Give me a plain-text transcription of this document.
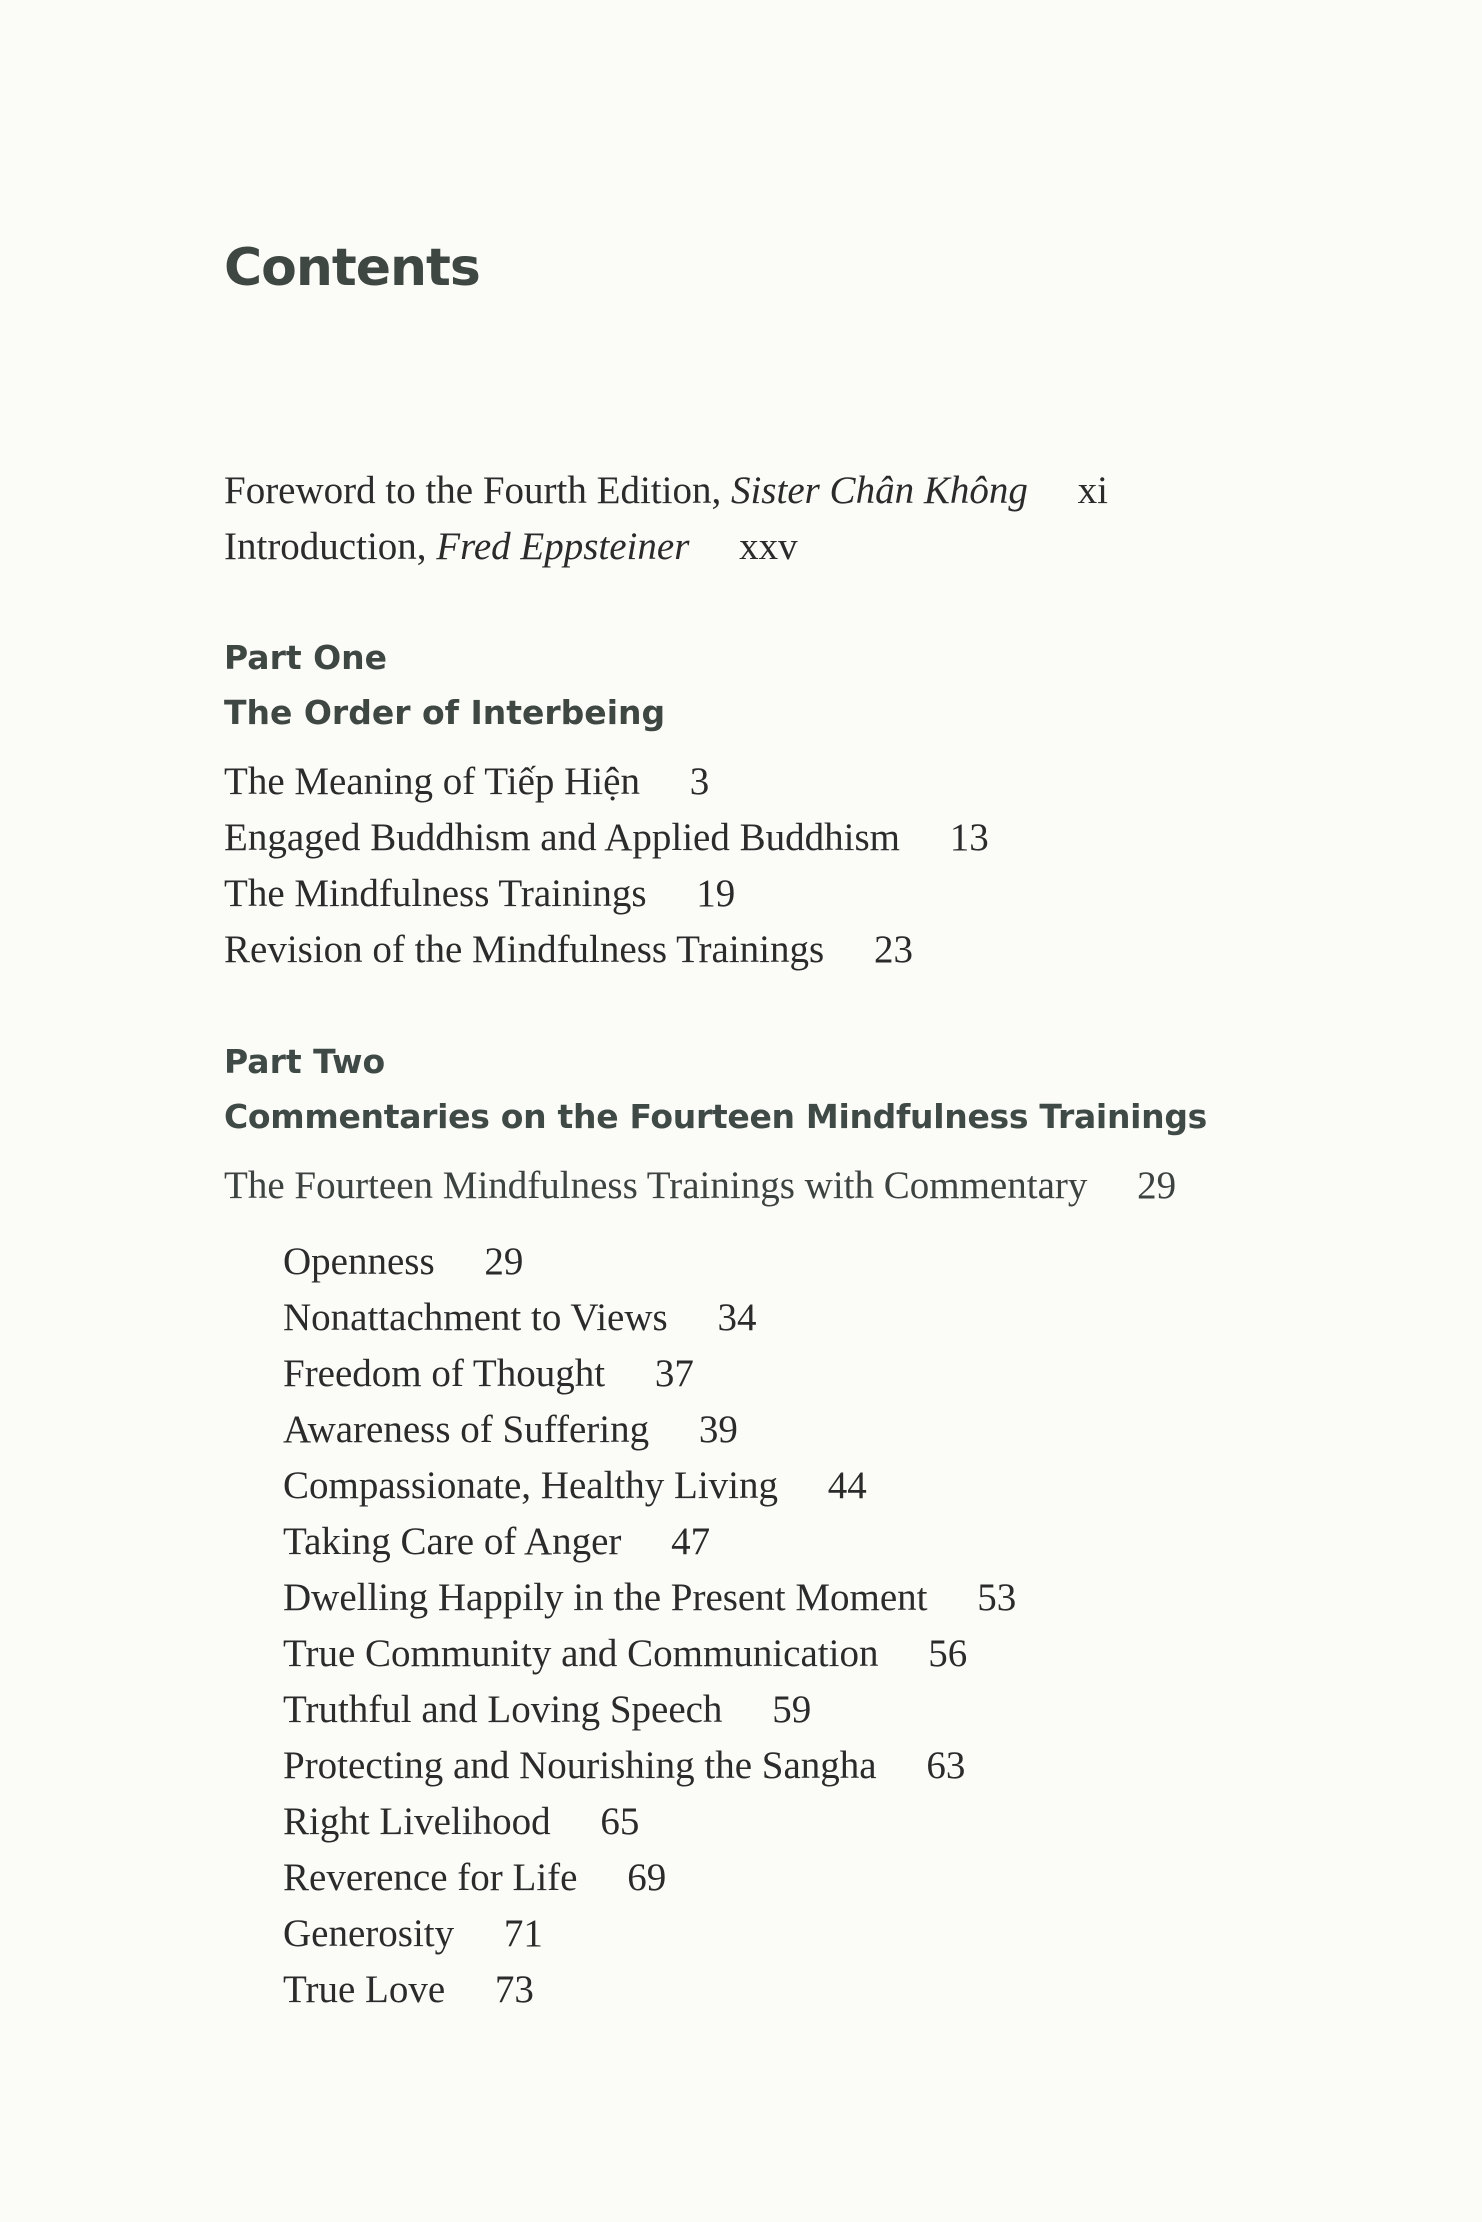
Contents
Foreword to the Fourth Edition, Sister Chân Không xi
Introduction, Fred Eppsteiner xxv
Part One
The Order of Interbeing
The Meaning of Tiếp Hiện 3
Engaged Buddhism and Applied Buddhism 13
The Mindfulness Trainings 19
Revision of the Mindfulness Trainings 23
Part Two
Commentaries on the Fourteen Mindfulness Trainings
The Fourteen Mindfulness Trainings with Commentary 29
Openness 29
Nonattachment to Views 34
Freedom of Thought 37
Awareness of Suffering 39
Compassionate, Healthy Living 44
Taking Care of Anger 47
Dwelling Happily in the Present Moment 53
True Community and Communication 56
Truthful and Loving Speech 59
Protecting and Nourishing the Sangha 63
Right Livelihood 65
Reverence for Life 69
Generosity 71
True Love 73
